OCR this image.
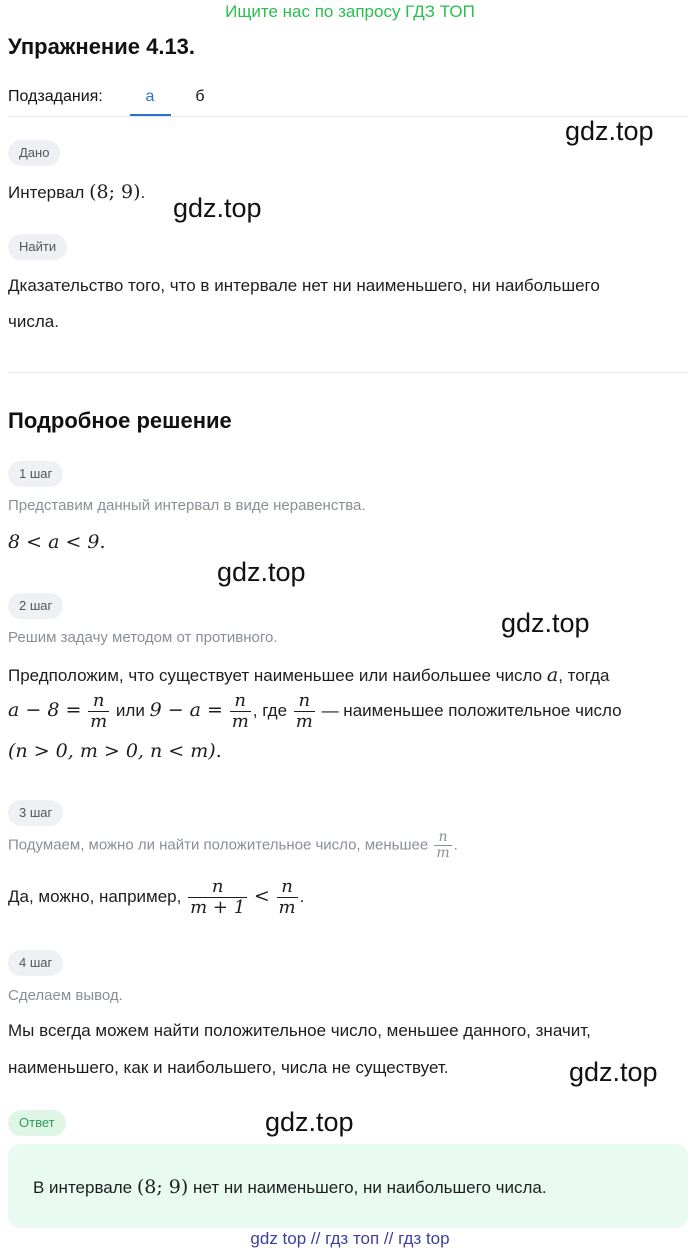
Ищите нас по запросу ГДЗ ТОП
Упражнение 4.13.
Подзадания:	а	б
Дано
Интервал (8; 9).
Найти
Дказательство того, что в интервале нет ни наименьшего, ни наибольшего
числа.
Подробное решение
1 шаг
Представим данный интервал в виде неравенства.
8 < a < 9.
2 шаг
Решим задачу методом от противного.
Предположим, что существует наименьшее или наибольшее число a, тогда
$a - 8 = \frac{n}{m}$ или $9 - a = \frac{n}{m}$ , где $\frac{n}{m}$ — наименьшее положительное число
(n > 0, m > 0, n < m).
3 шаг
Подумаем, можно ли найти положительное число, меньшее $\frac{n}{m}$ .
Да, можно, например, $\frac{n}{m + 1} < \frac{n}{m}$ .
4 шаг
Сделаем вывод.
Мы всегда можем найти положительное число, меньшее данного, значит,
наименьшего, как и наибольшего, числа не существует.
Ответ
В интервале (8; 9) нет ни наименьшего, ни наибольшего числа.
gdz.top
gdz.top
gdz.top
gdz.top
gdz.top
gdz.top
gdz top // гдз топ // гдз top
